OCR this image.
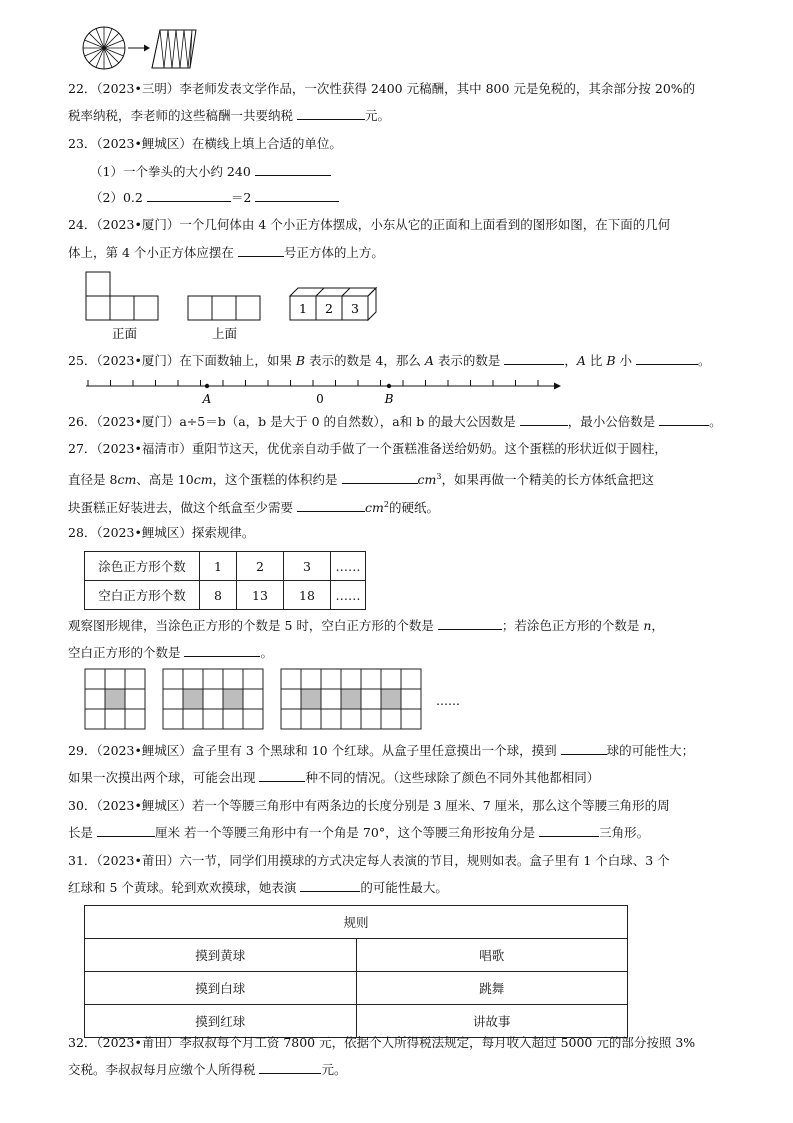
22．（2023•三明）李老师发表文学作品，一次性获得 2400 元稿酬，其中 800 元是免税的，其余部分按 20%的
税率纳税，李老师的这些稿酬一共要纳税	元。
23．（2023•鲤城区）在横线上填上合适的单位。
（1）一个拳头的大小约 240
（2）0.2	＝2
24．（2023•厦门）一个几何体由 4 个小正方体摆成，小东从它的正面和上面看到的图形如图，在下面的几何
体上，第 4 个小正方体应摆在	号正方体的上方。
正面	上面
1 2 3
25．（2023•厦门）在下面数轴上，如果 B 表示的数是 4，那么 A 表示的数是	，A 比 B 小	。
A	0	B
26．（2023•厦门）a÷5＝b（a，b 是大于 0 的自然数），a和 b 的最大公因数是	，最小公倍数是	。
27．（2023•福清市）重阳节这天，优优亲自动手做了一个蛋糕准备送给奶奶。这个蛋糕的形状近似于圆柱，
直径是 8cm、高是 10cm，这个蛋糕的体积约是	$cm^3$，如果再做一个精美的长方体纸盒把这
块蛋糕正好装进去，做这个纸盒至少需要	$cm^2$的硬纸。
28．（2023•鲤城区）探索规律。
涂色正方形个数	1	2	3	……
空白正方形个数	8	13	18	……
观察图形规律，当涂色正方形的个数是 5 时，空白正方形的个数是	；若涂色正方形的个数是 n，
空白正方形的个数是	。
……
29．（2023•鲤城区）盒子里有 3 个黑球和 10 个红球。从盒子里任意摸出一个球，摸到	球的可能性大；
如果一次摸出两个球，可能会出现	种不同的情况。（这些球除了颜色不同外其他都相同）
30．（2023•鲤城区）若一个等腰三角形中有两条边的长度分别是 3 厘米、7 厘米，那么这个等腰三角形的周
长是	厘米 若一个等腰三角形中有一个角是 70°，这个等腰三角形按角分是	三角形。
31．（2023•莆田）六一节，同学们用摸球的方式决定每人表演的节目，规则如表。盒子里有 1 个白球、3 个
红球和 5 个黄球。轮到欢欢摸球，她表演	的可能性最大。
规则	
摸到黄球	唱歌
摸到白球	跳舞
摸到红球	讲故事
32．（2023•莆田）李叔叔每个月工资 7800 元，依据个人所得税法规定，每月收入超过 5000 元的部分按照 3%
交税。李叔叔每月应缴个人所得税	元。
